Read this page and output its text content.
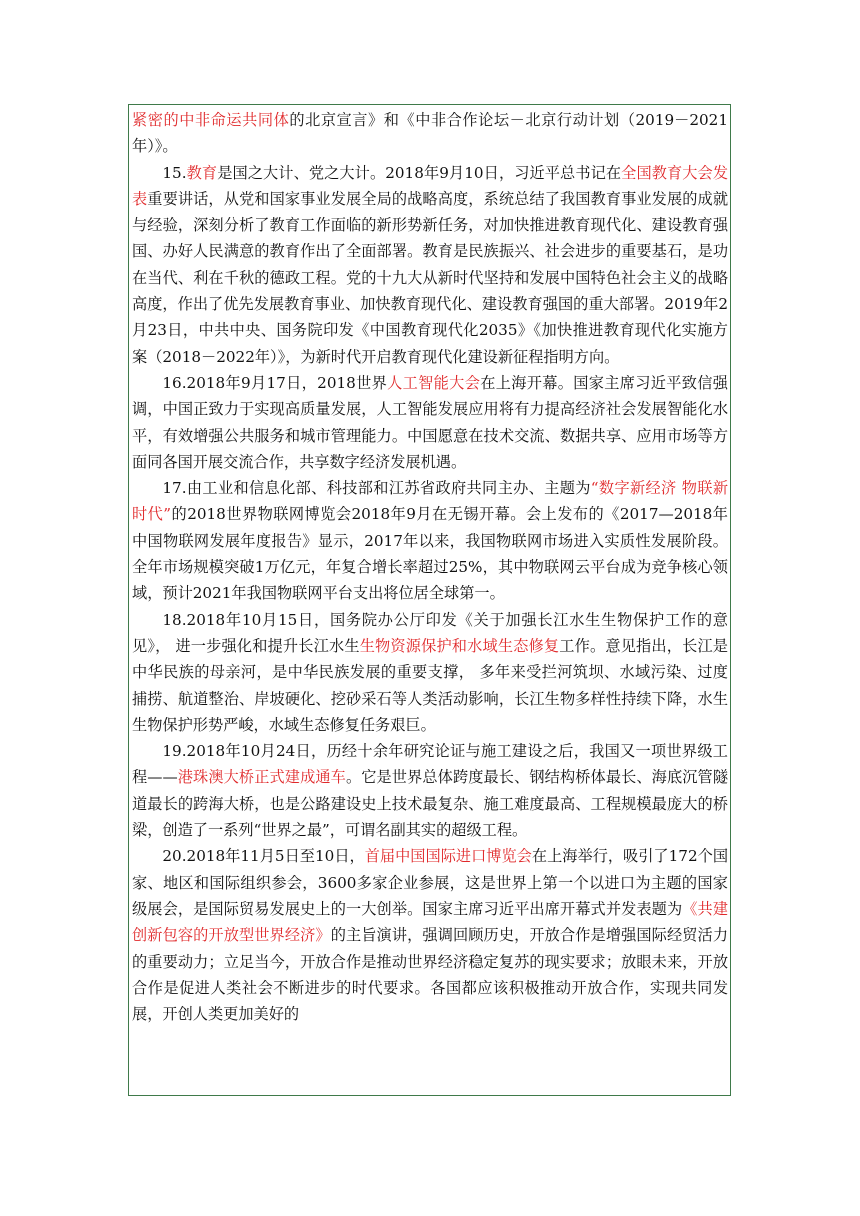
紧密的中非命运共同体的北京宣言》和《中非合作论坛－北京行动计划（2019－2021年）》。

15.教育是国之大计、党之大计。2018年9月10日，习近平总书记在全国教育大会发表重要讲话，从党和国家事业发展全局的战略高度，系统总结了我国教育事业发展的成就与经验，深刻分析了教育工作面临的新形势新任务，对加快推进教育现代化、建设教育强国、办好人民满意的教育作出了全面部署。教育是民族振兴、社会进步的重要基石，是功在当代、利在千秋的德政工程。党的十九大从新时代坚持和发展中国特色社会主义的战略高度，作出了优先发展教育事业、加快教育现代化、建设教育强国的重大部署。2019年2月23日，中共中央、国务院印发《中国教育现代化2035》《加快推进教育现代化实施方案（2018－2022年）》，为新时代开启教育现代化建设新征程指明方向。

16.2018年9月17日，2018世界人工智能大会在上海开幕。国家主席习近平致信强调，中国正致力于实现高质量发展，人工智能发展应用将有力提高经济社会发展智能化水平，有效增强公共服务和城市管理能力。中国愿意在技术交流、数据共享、应用市场等方面同各国开展交流合作，共享数字经济发展机遇。

17.由工业和信息化部、科技部和江苏省政府共同主办、主题为“数字新经济 物联新时代”的2018世界物联网博览会2018年9月在无锡开幕。会上发布的《2017—2018年中国物联网发展年度报告》显示，2017年以来，我国物联网市场进入实质性发展阶段。全年市场规模突破1万亿元，年复合增长率超过25%，其中物联网云平台成为竞争核心领域，预计2021年我国物联网平台支出将位居全球第一。

18.2018年10月15日，国务院办公厅印发《关于加强长江水生生物保护工作的意见》， 进一步强化和提升长江水生生物资源保护和水域生态修复工作。意见指出，长江是中华民族的母亲河，是中华民族发展的重要支撑， 多年来受拦河筑坝、水域污染、过度捕捞、航道整治、岸坡硬化、挖砂采石等人类活动影响，长江生物多样性持续下降，水生生物保护形势严峻，水域生态修复任务艰巨。

19.2018年10月24日，历经十余年研究论证与施工建设之后，我国又一项世界级工程——港珠澳大桥正式建成通车。它是世界总体跨度最长、钢结构桥体最长、海底沉管隧道最长的跨海大桥，也是公路建设史上技术最复杂、施工难度最高、工程规模最庞大的桥梁，创造了一系列“世界之最”，可谓名副其实的超级工程。

20.2018年11月5日至10日，首届中国国际进口博览会在上海举行，吸引了172个国家、地区和国际组织参会，3600多家企业参展，这是世界上第一个以进口为主题的国家级展会，是国际贸易发展史上的一大创举。国家主席习近平出席开幕式并发表题为《共建创新包容的开放型世界经济》的主旨演讲，强调回顾历史，开放合作是增强国际经贸活力的重要动力；立足当今，开放合作是推动世界经济稳定复苏的现实要求；放眼未来，开放合作是促进人类社会不断进步的时代要求。各国都应该积极推动开放合作，实现共同发展，开创人类更加美好的
